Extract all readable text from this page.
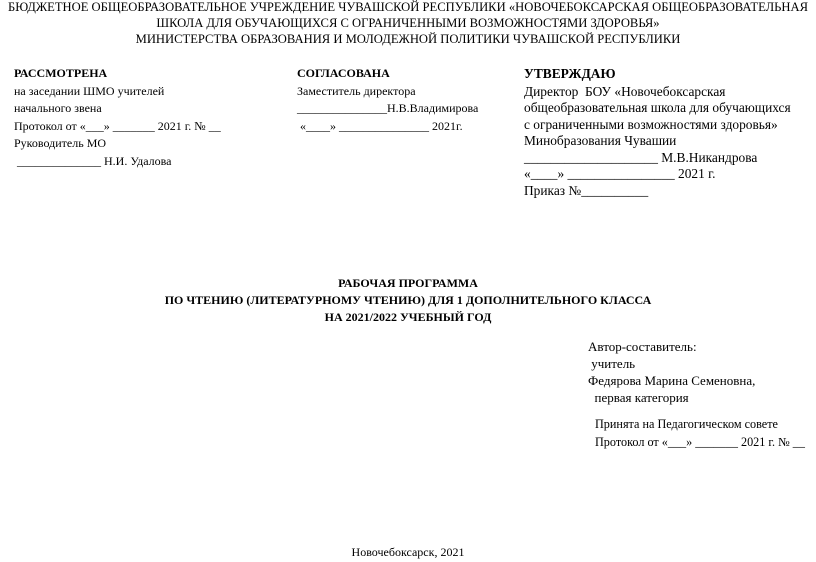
БЮДЖЕТНОЕ ОБЩЕОБРАЗОВАТЕЛЬНОЕ УЧРЕЖДЕНИЕ ЧУВАШСКОЙ РЕСПУБЛИКИ «НОВОЧЕБОКСАРСКАЯ ОБЩЕОБРАЗОВАТЕЛЬНАЯ
ШКОЛА ДЛЯ ОБУЧАЮЩИХСЯ С ОГРАНИЧЕННЫМИ ВОЗМОЖНОСТЯМИ ЗДОРОВЬЯ»
МИНИСТЕРСТВА ОБРАЗОВАНИЯ И МОЛОДЕЖНОЙ ПОЛИТИКИ ЧУВАШСКОЙ РЕСПУБЛИКИ
РАССМОТРЕНА
на заседании ШМО учителей
начального звена
Протокол от «___» _______ 2021 г. № __
Руководитель МО
______________ Н.И. Удалова
СОГЛАСОВАНА
Заместитель директора
_______________Н.В.Владимирова
«____» _______________ 2021г.
УТВЕРЖДАЮ
Директор  БОУ «Новочебоксарская
общеобразовательная школа для обучающихся
с ограниченными возможностями здоровья»
Минобразования Чувашии
____________________ М.В.Никандрова
«____» ________________ 2021 г.
Приказ №__________
РАБОЧАЯ ПРОГРАММА
ПО ЧТЕНИЮ (ЛИТЕРАТУРНОМУ ЧТЕНИЮ) ДЛЯ 1 ДОПОЛНИТЕЛЬНОГО КЛАССА
НА 2021/2022 УЧЕБНЫЙ ГОД
Автор-составитель:
учитель
Федярова Марина Семеновна,
первая категория
Принята на Педагогическом совете
Протокол от «___» _______ 2021 г. № __
Новочебоксарск, 2021
